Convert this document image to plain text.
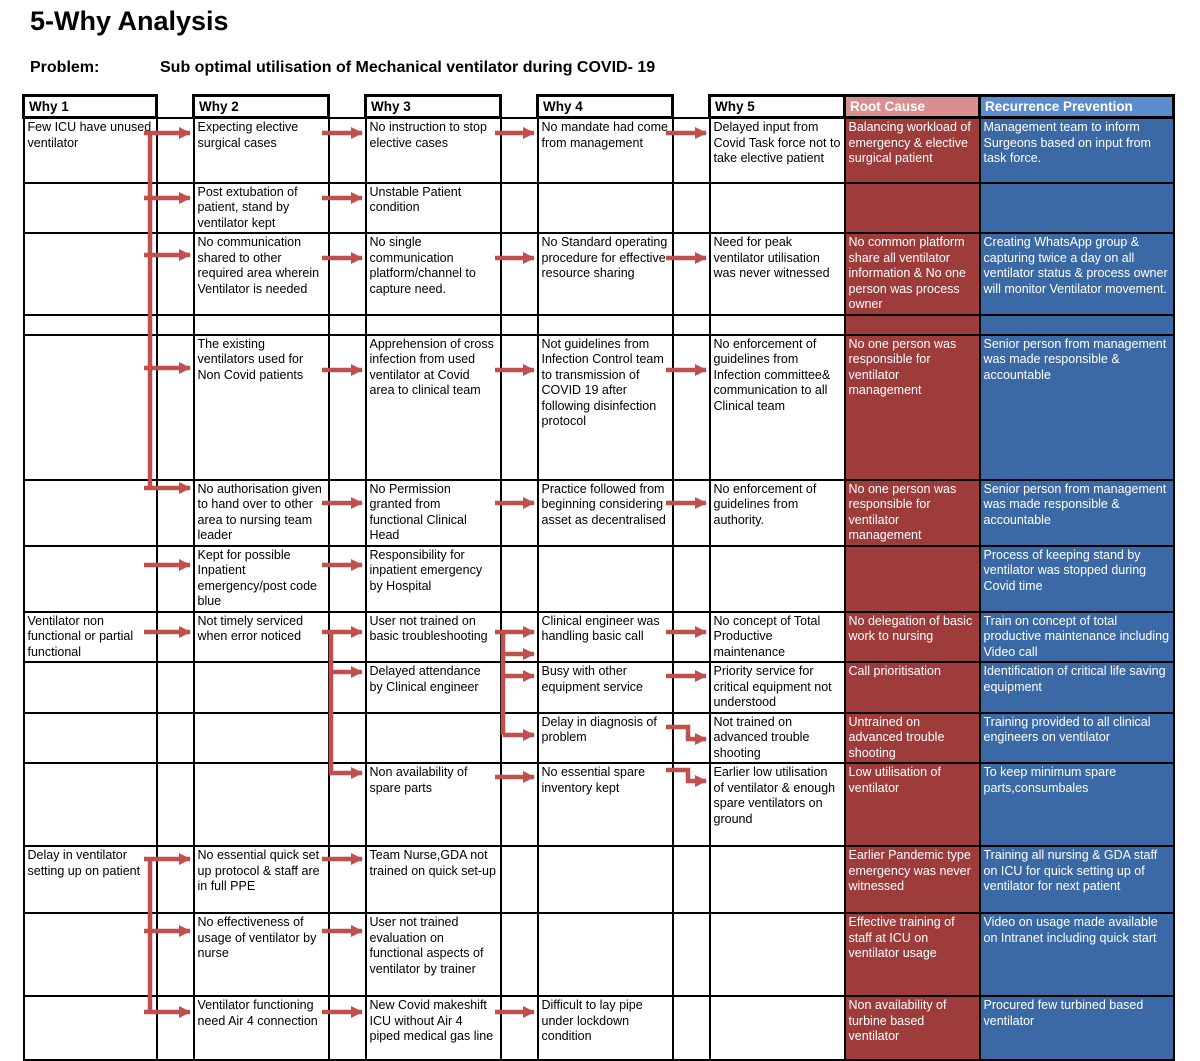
5-Why Analysis
Problem:	Sub optimal utilisation of Mechanical ventilator during COVID- 19
Why 1		Why 2		Why 3		Why 4		Why 5	Root Cause	Recurrence Prevention
Few ICU have unused ventilator		Expecting elective surgical cases		No instruction to stop elective cases		No mandate had come from management		Delayed input from Covid Task force not to take elective patient	Balancing workload of emergency & elective surgical patient	Management team to inform Surgeons based on input from task force.
		Post extubation of patient, stand by ventilator kept		Unstable Patient condition						
		No communication shared to other required area wherein Ventilator is needed		No single communication platform/channel to capture need.		No Standard operating procedure for effective resource sharing		Need for peak ventilator utilisation was never witnessed	No common platform share all ventilator information & No one person was process owner	Creating WhatsApp group & capturing twice a day on all ventilator status & process owner will monitor Ventilator movement.

		The existing ventilators used for Non Covid patients		Apprehension of cross infection from used ventilator at Covid area to clinical team		Not guidelines from Infection Control team to transmission of COVID 19 after following disinfection protocol		No enforcement of guidelines from Infection committee& communication to all Clinical team	No one person was responsible for ventilator management	Senior person from management was made responsible & accountable
		No authorisation given to hand over to other area to nursing team leader		No Permission granted from functional Clinical Head		Practice followed from beginning considering asset as decentralised		No enforcement of guidelines from authority.	No one person was responsible for ventilator management	Senior person from management was made responsible & accountable
		Kept for possible Inpatient emergency/post code blue		Responsibility for inpatient emergency by Hospital						Process of keeping stand by ventilator was stopped during Covid time
Ventilator non functional or partial functional		Not timely serviced when error noticed		User not trained on basic troubleshooting		Clinical engineer was handling basic call		No concept of Total Productive maintenance	No delegation of basic work to nursing	Train on concept of total productive maintenance including Video call
				Delayed attendance by Clinical engineer		Busy with other equipment service		Priority service for critical equipment not understood	Call prioritisation	Identification of critical life saving equipment
						Delay in diagnosis of problem		Not trained on advanced trouble shooting	Untrained on advanced trouble shooting	Training provided to all clinical engineers on ventilator
				Non availability of spare parts		No essential spare inventory kept		Earlier low utilisation of ventilator & enough spare ventilators on ground	Low utilisation of ventilator	To keep minimum spare parts,consumbales
Delay in ventilator setting up on patient		No essential quick set up protocol & staff are in full PPE		Team Nurse,GDA not trained on quick set-up					Earlier Pandemic type emergency was never witnessed	Training all nursing & GDA staff on ICU for quick setting up of ventilator for next patient
		No effectiveness of usage of ventilator by nurse		User not trained evaluation on functional aspects of ventilator by trainer					Effective training of staff at ICU on ventilator usage	Video on usage made available on Intranet including quick start
		Ventilator functioning need Air 4 connection		New Covid makeshift ICU without Air 4 piped medical gas line		Difficult to lay pipe under lockdown condition			Non availability of turbine based ventilator	Procured few turbined based ventilator
